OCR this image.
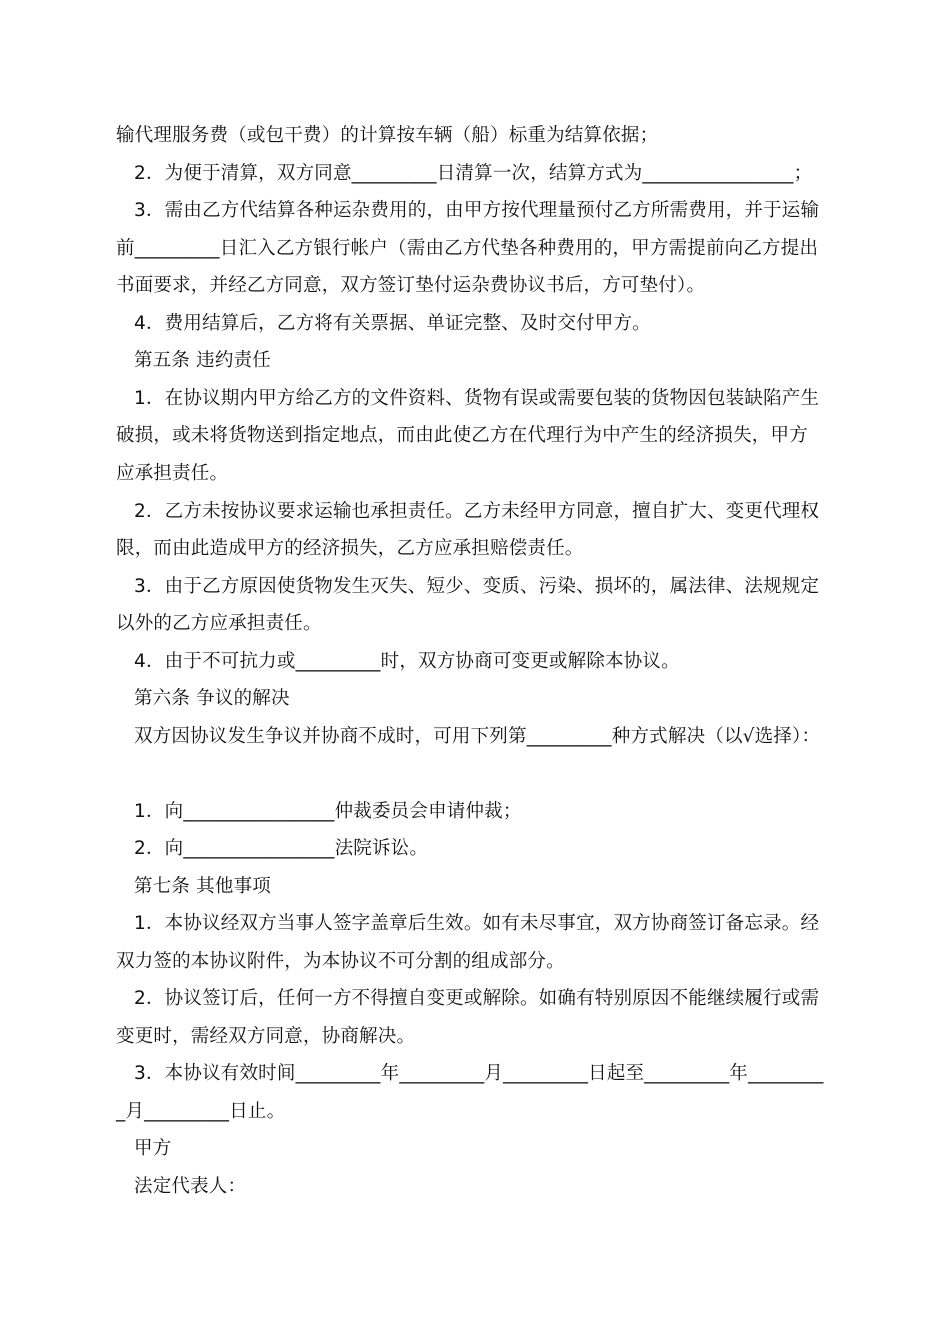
输代理服务费（或包干费）的计算按车辆（船）标重为结算依据；
2．为便于清算，双方同意_________日清算一次，结算方式为________________；
3．需由乙方代结算各种运杂费用的，由甲方按代理量预付乙方所需费用，并于运输
前_________日汇入乙方银行帐户（需由乙方代垫各种费用的，甲方需提前向乙方提出
书面要求，并经乙方同意，双方签订垫付运杂费协议书后，方可垫付）。
4．费用结算后，乙方将有关票据、单证完整、及时交付甲方。
第五条 违约责任
1．在协议期内甲方给乙方的文件资料、货物有误或需要包装的货物因包装缺陷产生
破损，或未将货物送到指定地点，而由此使乙方在代理行为中产生的经济损失，甲方
应承担责任。
2．乙方未按协议要求运输也承担责任。乙方未经甲方同意，擅自扩大、变更代理权
限，而由此造成甲方的经济损失，乙方应承担赔偿责任。
3．由于乙方原因使货物发生灭失、短少、变质、污染、损坏的，属法律、法规规定
以外的乙方应承担责任。
4．由于不可抗力或_________时，双方协商可变更或解除本协议。
第六条 争议的解决
双方因协议发生争议并协商不成时，可用下列第_________种方式解决（以√选择）：
1．向________________仲裁委员会申请仲裁；
2．向________________法院诉讼。
第七条 其他事项
1．本协议经双方当事人签字盖章后生效。如有未尽事宜，双方协商签订备忘录。经
双力签的本协议附件，为本协议不可分割的组成部分。
2．协议签订后，任何一方不得擅自变更或解除。如确有特别原因不能继续履行或需
变更时，需经双方同意，协商解决。
3．本协议有效时间_________年_________月_________日起至_________年________
_月_________日止。
甲方
法定代表人：
